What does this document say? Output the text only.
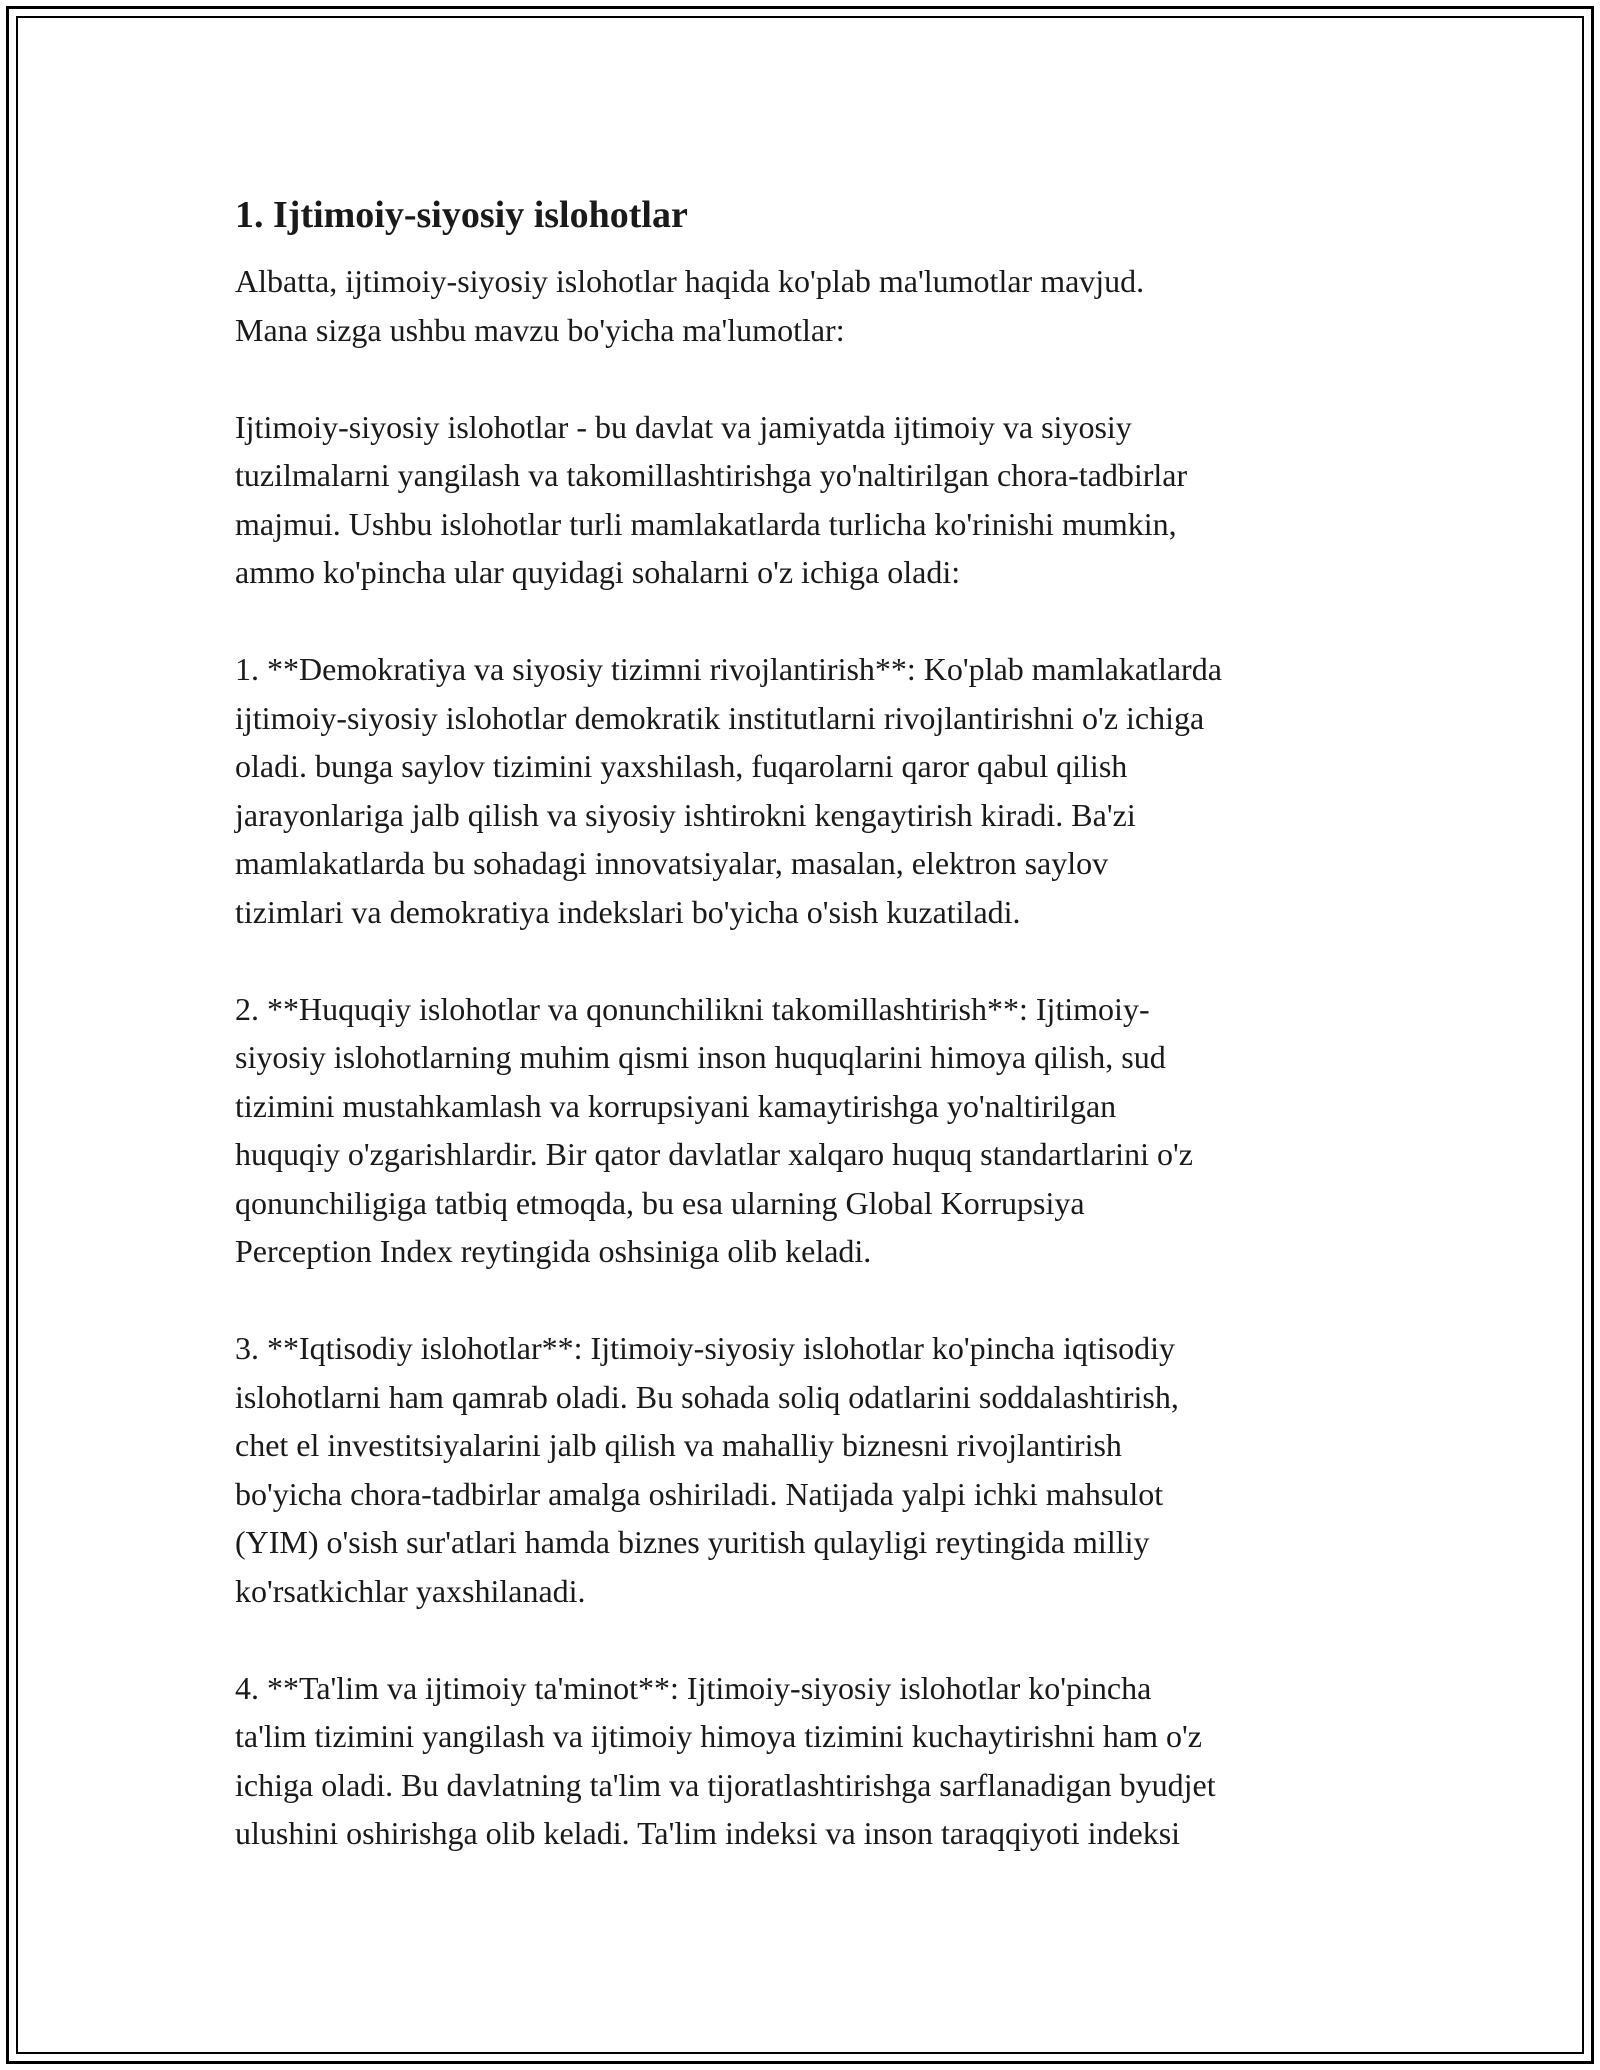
1. Ijtimoiy-siyosiy islohotlar

Albatta, ijtimoiy-siyosiy islohotlar haqida ko'plab ma'lumotlar mavjud.
Mana sizga ushbu mavzu bo'yicha ma'lumotlar:

Ijtimoiy-siyosiy islohotlar - bu davlat va jamiyatda ijtimoiy va siyosiy
tuzilmalarni yangilash va takomillashtirishga yo'naltirilgan chora-tadbirlar
majmui. Ushbu islohotlar turli mamlakatlarda turlicha ko'rinishi mumkin,
ammo ko'pincha ular quyidagi sohalarni o'z ichiga oladi:

1. **Demokratiya va siyosiy tizimni rivojlantirish**: Ko'plab mamlakatlarda
ijtimoiy-siyosiy islohotlar demokratik institutlarni rivojlantirishni o'z ichiga
oladi. bunga saylov tizimini yaxshilash, fuqarolarni qaror qabul qilish
jarayonlariga jalb qilish va siyosiy ishtirokni kengaytirish kiradi. Ba'zi
mamlakatlarda bu sohadagi innovatsiyalar, masalan, elektron saylov
tizimlari va demokratiya indekslari bo'yicha o'sish kuzatiladi.

2. **Huquqiy islohotlar va qonunchilikni takomillashtirish**: Ijtimoiy-
siyosiy islohotlarning muhim qismi inson huquqlarini himoya qilish, sud
tizimini mustahkamlash va korrupsiyani kamaytirishga yo'naltirilgan
huquqiy o'zgarishlardir. Bir qator davlatlar xalqaro huquq standartlarini o'z
qonunchiligiga tatbiq etmoqda, bu esa ularning Global Korrupsiya
Perception Index reytingida oshsiniga olib keladi.

3. **Iqtisodiy islohotlar**: Ijtimoiy-siyosiy islohotlar ko'pincha iqtisodiy
islohotlarni ham qamrab oladi. Bu sohada soliq odatlarini soddalashtirish,
chet el investitsiyalarini jalb qilish va mahalliy biznesni rivojlantirish
bo'yicha chora-tadbirlar amalga oshiriladi. Natijada yalpi ichki mahsulot
(YIM) o'sish sur'atlari hamda biznes yuritish qulayligi reytingida milliy
ko'rsatkichlar yaxshilanadi.

4. **Ta'lim va ijtimoiy ta'minot**: Ijtimoiy-siyosiy islohotlar ko'pincha
ta'lim tizimini yangilash va ijtimoiy himoya tizimini kuchaytirishni ham o'z
ichiga oladi. Bu davlatning ta'lim va tijoratlashtirishga sarflanadigan byudjet
ulushini oshirishga olib keladi. Ta'lim indeksi va inson taraqqiyoti indeksi
